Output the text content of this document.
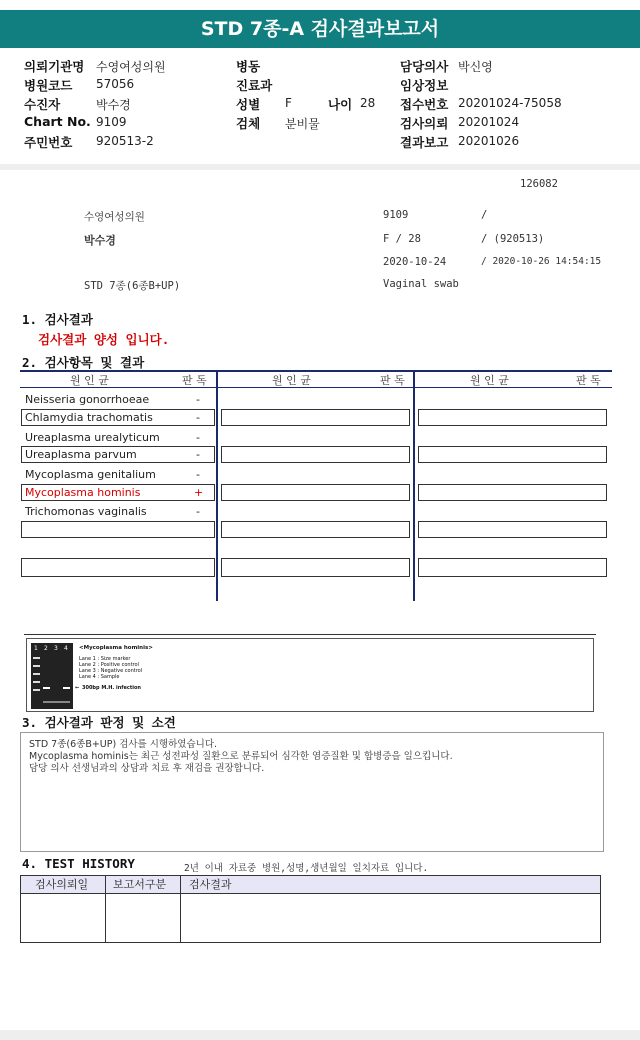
STD 7종-A 검사결과보고서
의뢰기관명 수영여성의원
병원코드 57056
수진자	박수경
Chart No. 9109
주민번호 920513-2
병동
진료과
성별 F	나이 28
검체 분비물
담당의사 박신영
임상정보
접수번호 20201024-75058
검사의뢰 20201024
결과보고 20201026
126082
수영여성의원	9109	/
박수경	F / 28	/ (920513)
2020-10-24	/ 2020-10-26 14:54:15
STD 7종(6종B+UP)	Vaginal swab
1. 검사결과
검사결과 양성 입니다.
2. 검사항목 및 결과
원 인 균	판 독	원 인 균	판 독	원 인 균	판 독
Neisseria gonorrhoeae	-
Chlamydia trachomatis	-
Ureaplasma urealyticum	-
Ureaplasma parvum	-
Mycoplasma genitalium	-
Mycoplasma hominis	+
Trichomonas vaginalis	-
1 2 3 4 <Mycoplasma hominis>
Lane 1 : Size marker
Lane 2 : Positive control
Lane 3 : Negative control
Lane 4 : Sample
← 300bp M.H. infection
3. 검사결과 판정 및 소견
STD 7종(6종B+UP) 검사를 시행하였습니다.
Mycoplasma hominis는 최근 성전파성 질환으로 분류되어 심각한 염증질환 및 합병증을 일으킵니다.
담당 의사 선생님과의 상담과 치료 후 재검을 권장합니다.
4. TEST HISTORY	2년 이내 자료중 병원,성명,생년월일 일치자료 입니다.
검사의뢰일 보고서구분 검사결과
